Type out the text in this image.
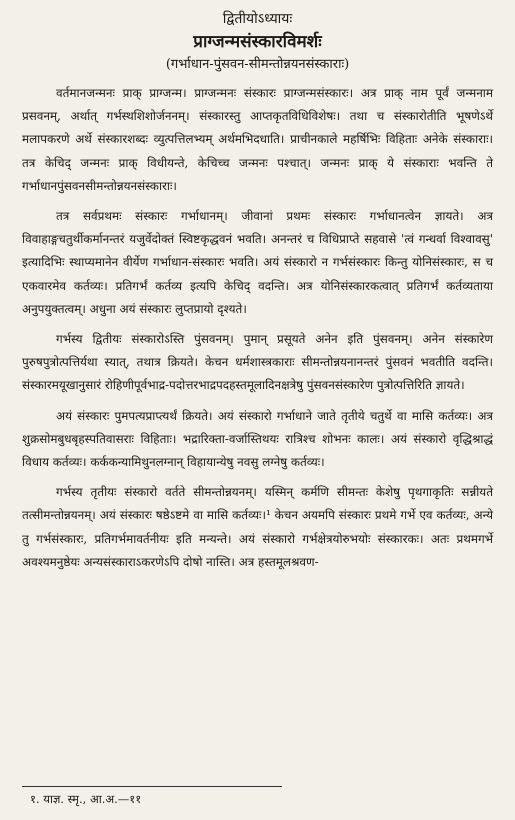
द्वितीयोऽध्यायः
प्राग्जन्मसंस्कारविमर्शः
(गर्भाधान-पुंसवन-सीमन्तोन्नयनसंस्काराः)

वर्तमानजन्मनः प्राक् प्राग्जन्म। प्राग्जन्मनः संस्कारः प्राग्जन्मसंस्कारः। अत्र प्राक् नाम पूर्वं जन्मनाम प्रसवनम्, अर्थात् गर्भस्थशिशोर्जननम्। संस्कारस्तु आप्तकृतविधिविशेषः। तथा च संस्कारोतीति भूषणेऽर्थे मलापकरणे अर्थे संस्कारशब्दः व्युत्पत्तिलभ्यम् अर्थमभिदधाति। प्राचीनकाले महर्षिभिः विहिताः अनेके संस्काराः। तत्र केचिद् जन्मनः प्राक् विधीयन्ते, केचिच्च जन्मनः पश्चात्। जन्मनः प्राक् ये संस्काराः भवन्ति ते गर्भाधानपुंसवनसीमन्तोन्नयनसंस्काराः।

तत्र सर्वप्रथमः संस्कारः गर्भाधानम्। जीवानां प्रथमः संस्कारः गर्भाधानत्वेन ज्ञायते। अत्र विवाहाङ्गचतुर्थीकर्मानन्तरं यजुर्वेदोक्तं स्विष्टकृद्धवनं भवति। अनन्तरं च विधिप्राप्ते सहवासे 'त्वं गन्धर्वा विश्वावसु' इत्यादिभिः स्थाप्यमानेन वीर्येण गर्भाधान-संस्कारः भवति। अयं संस्कारो न गर्भसंस्कारः किन्तु योनिसंस्कारः, स च एकवारमेव कर्तव्यः। प्रतिगर्भं कर्तव्य इत्यपि केचिद् वदन्ति। अत्र योनिसंस्कारकत्वात् प्रतिगर्भं कर्तव्यताया अनुपयुक्तत्वम्। अधुना अयं संस्कारः लुप्तप्रायो दृश्यते।

गर्भस्य द्वितीयः संस्कारोऽस्ति पुंसवनम्। पुमान् प्रसूयते अनेन इति पुंसवनम्। अनेन संस्कारेण पुरुषपुत्रोत्पत्तिर्यथा स्यात्, तथात्र क्रियते। केचन धर्मशास्त्रकाराः सीमन्तोन्नयनानन्तरं पुंसवनं भवतीति वदन्ति। संस्कारमयूखानुसारं रोहिणीपूर्वभाद्र-पदोत्तरभाद्रपदहस्तमूलादिनक्षत्रेषु पुंसवनसंस्कारेण पुत्रोत्पत्तिरिति ज्ञायते।

अयं संस्कारः पुमपत्यप्राप्त्यर्थं क्रियते। अयं संस्कारो गर्भाधाने जाते तृतीये चतुर्थे वा मासि कर्तव्यः। अत्र शुक्रसोमबुधबृहस्पतिवासराः विहिताः। भद्रारिक्ता-वर्जास्तिथयः रात्रिश्च शोभनः कालः। अयं संस्कारो वृद्धिश्राद्धं विधाय कर्तव्यः। कर्ककन्यामिथुनलग्नान् विहायान्येषु नवसु लग्नेषु कर्तव्यः।

गर्भस्य तृतीयः संस्कारो वर्तते सीमन्तोन्नयनम्। यस्मिन् कर्मणि सीमन्तः केशेषु पृथगाकृतिः सन्नीयते तत्सीमन्तोन्नयनम्। अयं संस्कारः षष्ठेऽष्टमे वा मासि कर्तव्यः।¹ केचन अयमपि संस्कारः प्रथमे गर्भे एव कर्तव्यः, अन्ये तु गर्भसंस्कारः, प्रतिगर्भमावर्तनीयः इति मन्यन्ते। अयं संस्कारो गर्भक्षेत्रयोरुभयोः संस्कारकः। अतः प्रथमगर्भे अवश्यमनुष्ठेयः अन्यसंस्काराऽकरणेऽपि दोषो नास्ति। अत्र हस्तमूलश्रवण-

१. याज्ञ. स्मृ., आ.अ.—११
